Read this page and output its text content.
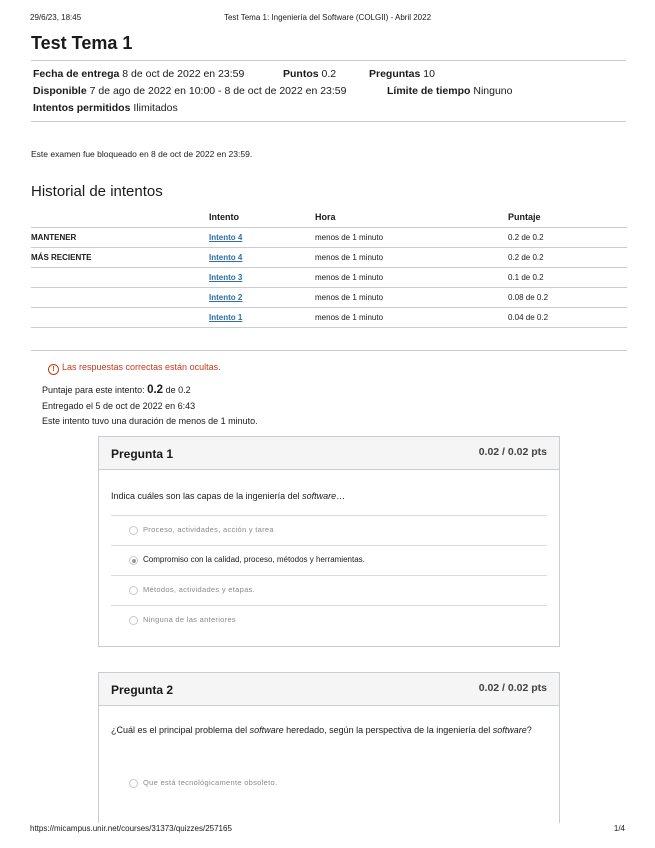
29/6/23, 18:45	Test Tema 1: Ingeniería del Software (COLGII) - Abril 2022
Test Tema 1
Fecha de entrega 8 de oct de 2022 en 23:59	Puntos 0.2	Preguntas 10
Disponible 7 de ago de 2022 en 10:00 - 8 de oct de 2022 en 23:59	Límite de tiempo Ninguno
Intentos permitidos Ilimitados
Este examen fue bloqueado en 8 de oct de 2022 en 23:59.
Historial de intentos
	Intento	Hora	Puntaje
MANTENER	Intento 4	menos de 1 minuto	0.2 de 0.2
MÁS RECIENTE	Intento 4	menos de 1 minuto	0.2 de 0.2
	Intento 3	menos de 1 minuto	0.1 de 0.2
	Intento 2	menos de 1 minuto	0.08 de 0.2
	Intento 1	menos de 1 minuto	0.04 de 0.2

! Las respuestas correctas están ocultas.
Puntaje para este intento: 0.2 de 0.2
Entregado el 5 de oct de 2022 en 6:43
Este intento tuvo una duración de menos de 1 minuto.
Pregunta 1	0.02 / 0.02 pts
Indica cuáles son las capas de la ingeniería del software…
Proceso, actividades, acción y tarea
Compromiso con la calidad, proceso, métodos y herramientas.
Métodos, actividades y etapas.
Ninguna de las anteriores
Pregunta 2	0.02 / 0.02 pts
¿Cuál es el principal problema del software heredado, según la perspectiva de la ingeniería del software?
Que está tecnológicamente obsoleto.
https://micampus.unir.net/courses/31373/quizzes/257165	1/4
